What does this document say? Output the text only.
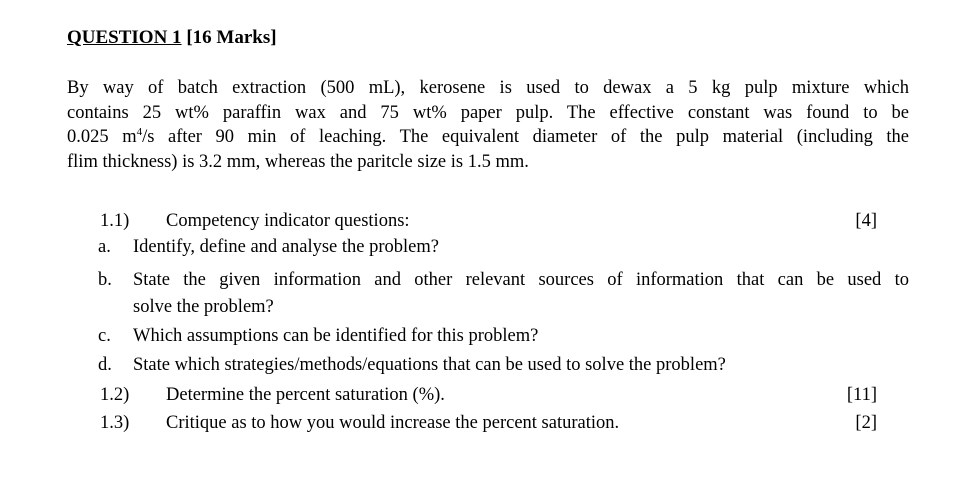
QUESTION 1 [16 Marks]
By way of batch extraction (500 mL), kerosene is used to dewax a 5 kg pulp mixture which
contains 25 wt% paraffin wax and 75 wt% paper pulp. The effective constant was found to be
0.025 $m^4/s$ after 90 min of leaching. The equivalent diameter of the pulp material (including the
flim thickness) is 3.2 mm, whereas the paritcle size is 1.5 mm.
1.1) Competency indicator questions:	[4]
a. Identify, define and analyse the problem?
b. State the given information and other relevant sources of information that can be used to
solve the problem?
c. Which assumptions can be identified for this problem?
d. State which strategies/methods/equations that can be used to solve the problem?
1.2) Determine the percent saturation (%).	[11]
1.3) Critique as to how you would increase the percent saturation.	[2]
